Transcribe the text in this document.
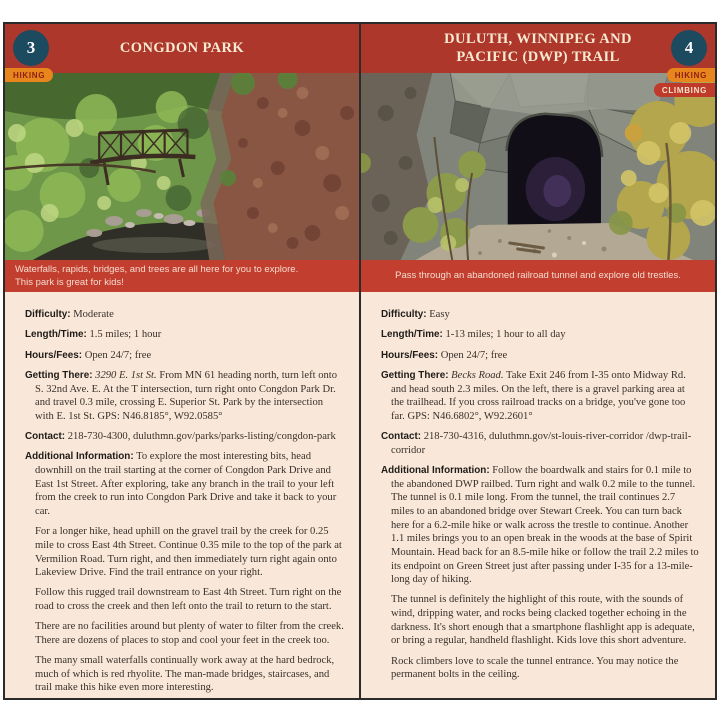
3	CONGDON PARK
HIKING
Waterfalls, rapids, bridges, and trees are all here for you to explore.
This park is great for kids!

Difficulty: Moderate

Length/Time: 1.5 miles; 1 hour

Hours/Fees: Open 24/7; free

Getting There: 3290 E. 1st St. From MN 61 heading north, turn left onto S. 32nd Ave. E. At the T intersection, turn right onto Congdon Park Dr. and travel 0.3 mile, crossing E. Superior St. Park by the intersection with E. 1st St. GPS: N46.8185°, W92.0585°

Contact: 218-730-4300, duluthmn.gov/parks/parks-listing/congdon-park

Additional Information: To explore the most interesting bits, head downhill on the trail starting at the corner of Congdon Park Drive and East 1st Street. After exploring, take any branch in the trail to your left from the creek to run into Congdon Park Drive and take it back to your car.

For a longer hike, head uphill on the gravel trail by the creek for 0.25 mile to cross East 4th Street. Continue 0.35 mile to the top of the park at Vermilion Road. Turn right, and then immediately turn right again onto Lakeview Drive. Find the trail entrance on your right.

Follow this rugged trail downstream to East 4th Street. Turn right on the road to cross the creek and then left onto the trail to return to the start.

There are no facilities around but plenty of water to filter from the creek. There are dozens of places to stop and cool your feet in the creek too.

The many small waterfalls continually work away at the hard bedrock, much of which is red rhyolite. The man-made bridges, staircases, and trail make this hike even more interesting.

DULUTH, WINNIPEG AND
PACIFIC (DWP) TRAIL	4
HIKING
CLIMBING
Pass through an abandoned railroad tunnel and explore old trestles.

Difficulty: Easy

Length/Time: 1-13 miles; 1 hour to all day

Hours/Fees: Open 24/7; free

Getting There: Becks Road. Take Exit 246 from I-35 onto Midway Rd. and head south 2.3 miles. On the left, there is a gravel parking area at the trailhead. If you cross railroad tracks on a bridge, you've gone too far. GPS: N46.6802°, W92.2601°

Contact: 218-730-4316, duluthmn.gov/st-louis-river-corridor /dwp-trail-corridor

Additional Information: Follow the boardwalk and stairs for 0.1 mile to the abandoned DWP railbed. Turn right and walk 0.2 mile to the tunnel. The tunnel is 0.1 mile long. From the tunnel, the trail continues 2.7 miles to an abandoned bridge over Stewart Creek. You can turn back here for a 6.2-mile hike or walk across the trestle to continue. Another 1.1 miles brings you to an open break in the woods at the base of Spirit Mountain. Head back for an 8.5-mile hike or follow the trail 2.2 miles to its endpoint on Green Street just after passing under I-35 for a 13-mile-long day of hiking.

The tunnel is definitely the highlight of this route, with the sounds of wind, dripping water, and rocks being clacked together echoing in the darkness. It's short enough that a smartphone flashlight app is adequate, or bring a regular, handheld flashlight. Kids love this short adventure.

Rock climbers love to scale the tunnel entrance. You may notice the permanent bolts in the ceiling.
